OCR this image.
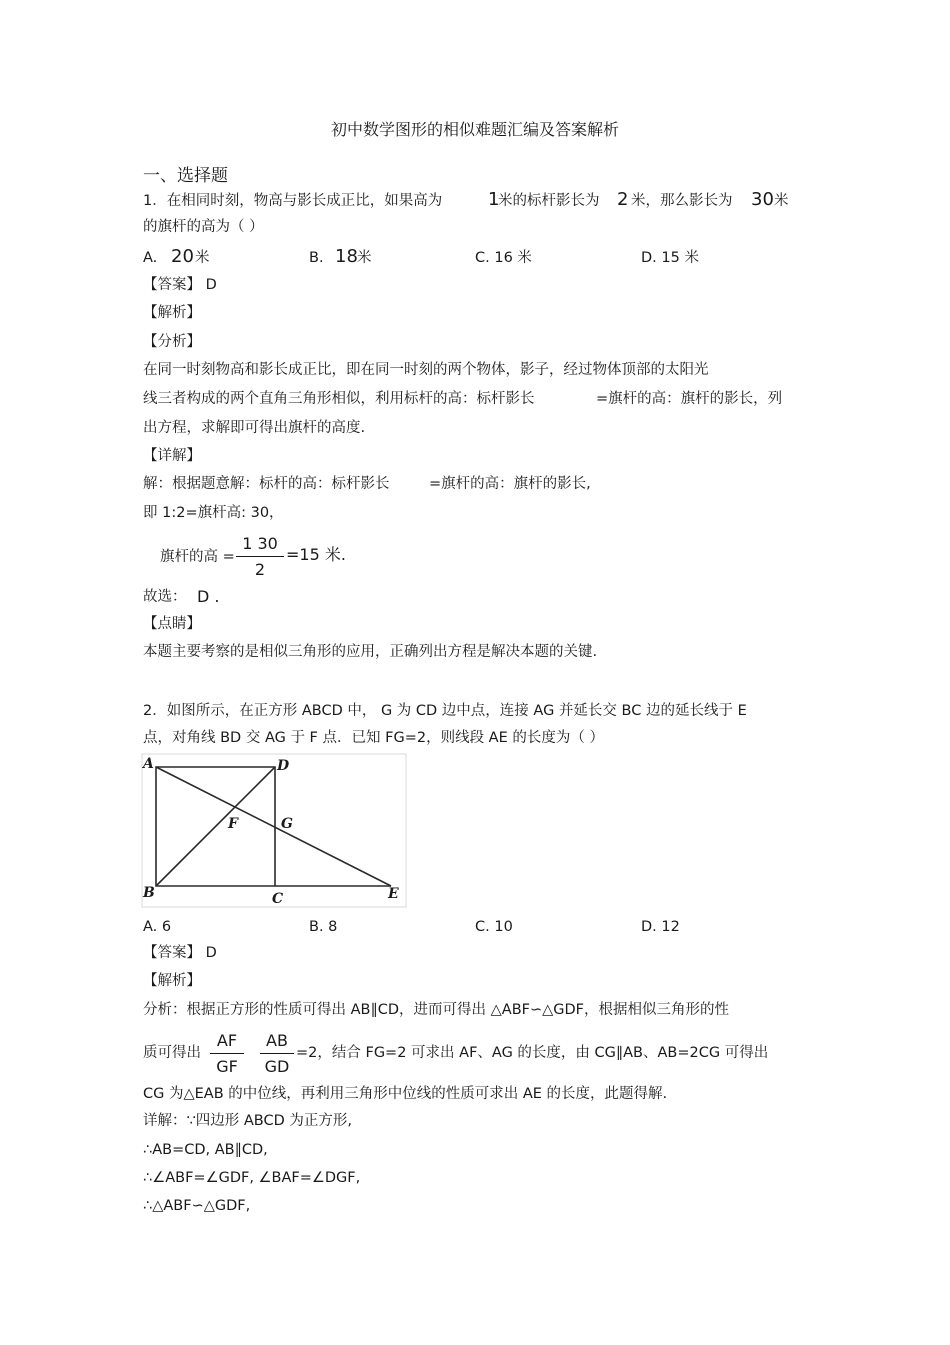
初中数学图形的相似难题汇编及答案解析
一、选择题
1．在相同时刻，物高与影长成正比，如果高为	1
米的标杆影长为 2 米，那么影长为 30 米
的旗杆的高为（ ）
A. 20 米	B. 18 米	C. 16 米	D. 15 米
【答案】 D
【解析】
【分析】
在同一时刻物高和影长成正比，即在同一时刻的两个物体，影子，经过物体顶部的太阳光
线三者构成的两个直角三角形相似，利用标杆的高：标杆影长	=旗杆的高：旗杆的影长，列
出方程，求解即可得出旗杆的高度.
【详解】
解：根据题意解：标杆的高：标杆影长	=旗杆的高：旗杆的影长,
即 1:2=旗杆高: 30，
旗杆的高 =
1 30
2
=15 米.
故选： D .
【点睛】
本题主要考察的是相似三角形的应用，正确列出方程是解决本题的关键.
2．如图所示，在正方形 ABCD 中， G 为 CD 边中点，连接 AG 并延长交 BC 边的延长线于 E
点，对角线 BD 交 AG 于 F 点．已知 FG=2，则线段 AE 的长度为（ ）
A	D
F	G
B	C	E
A. 6	B. 8	C. 10	D. 12
【答案】 D
【解析】
分析：根据正方形的性质可得出 AB∥CD，进而可得出 △ABF∽△GDF，根据相似三角形的性
质可得出
AF
GF
AB
GD
=2，结合 FG=2 可求出 AF、AG 的长度，由 CG∥AB、AB=2CG 可得出
CG 为△EAB 的中位线，再利用三角形中位线的性质可求出 AE 的长度，此题得解.
详解：∵四边形 ABCD 为正方形,
∴AB=CD, AB∥CD,
∴∠ABF=∠GDF, ∠BAF=∠DGF,
∴△ABF∽△GDF,
